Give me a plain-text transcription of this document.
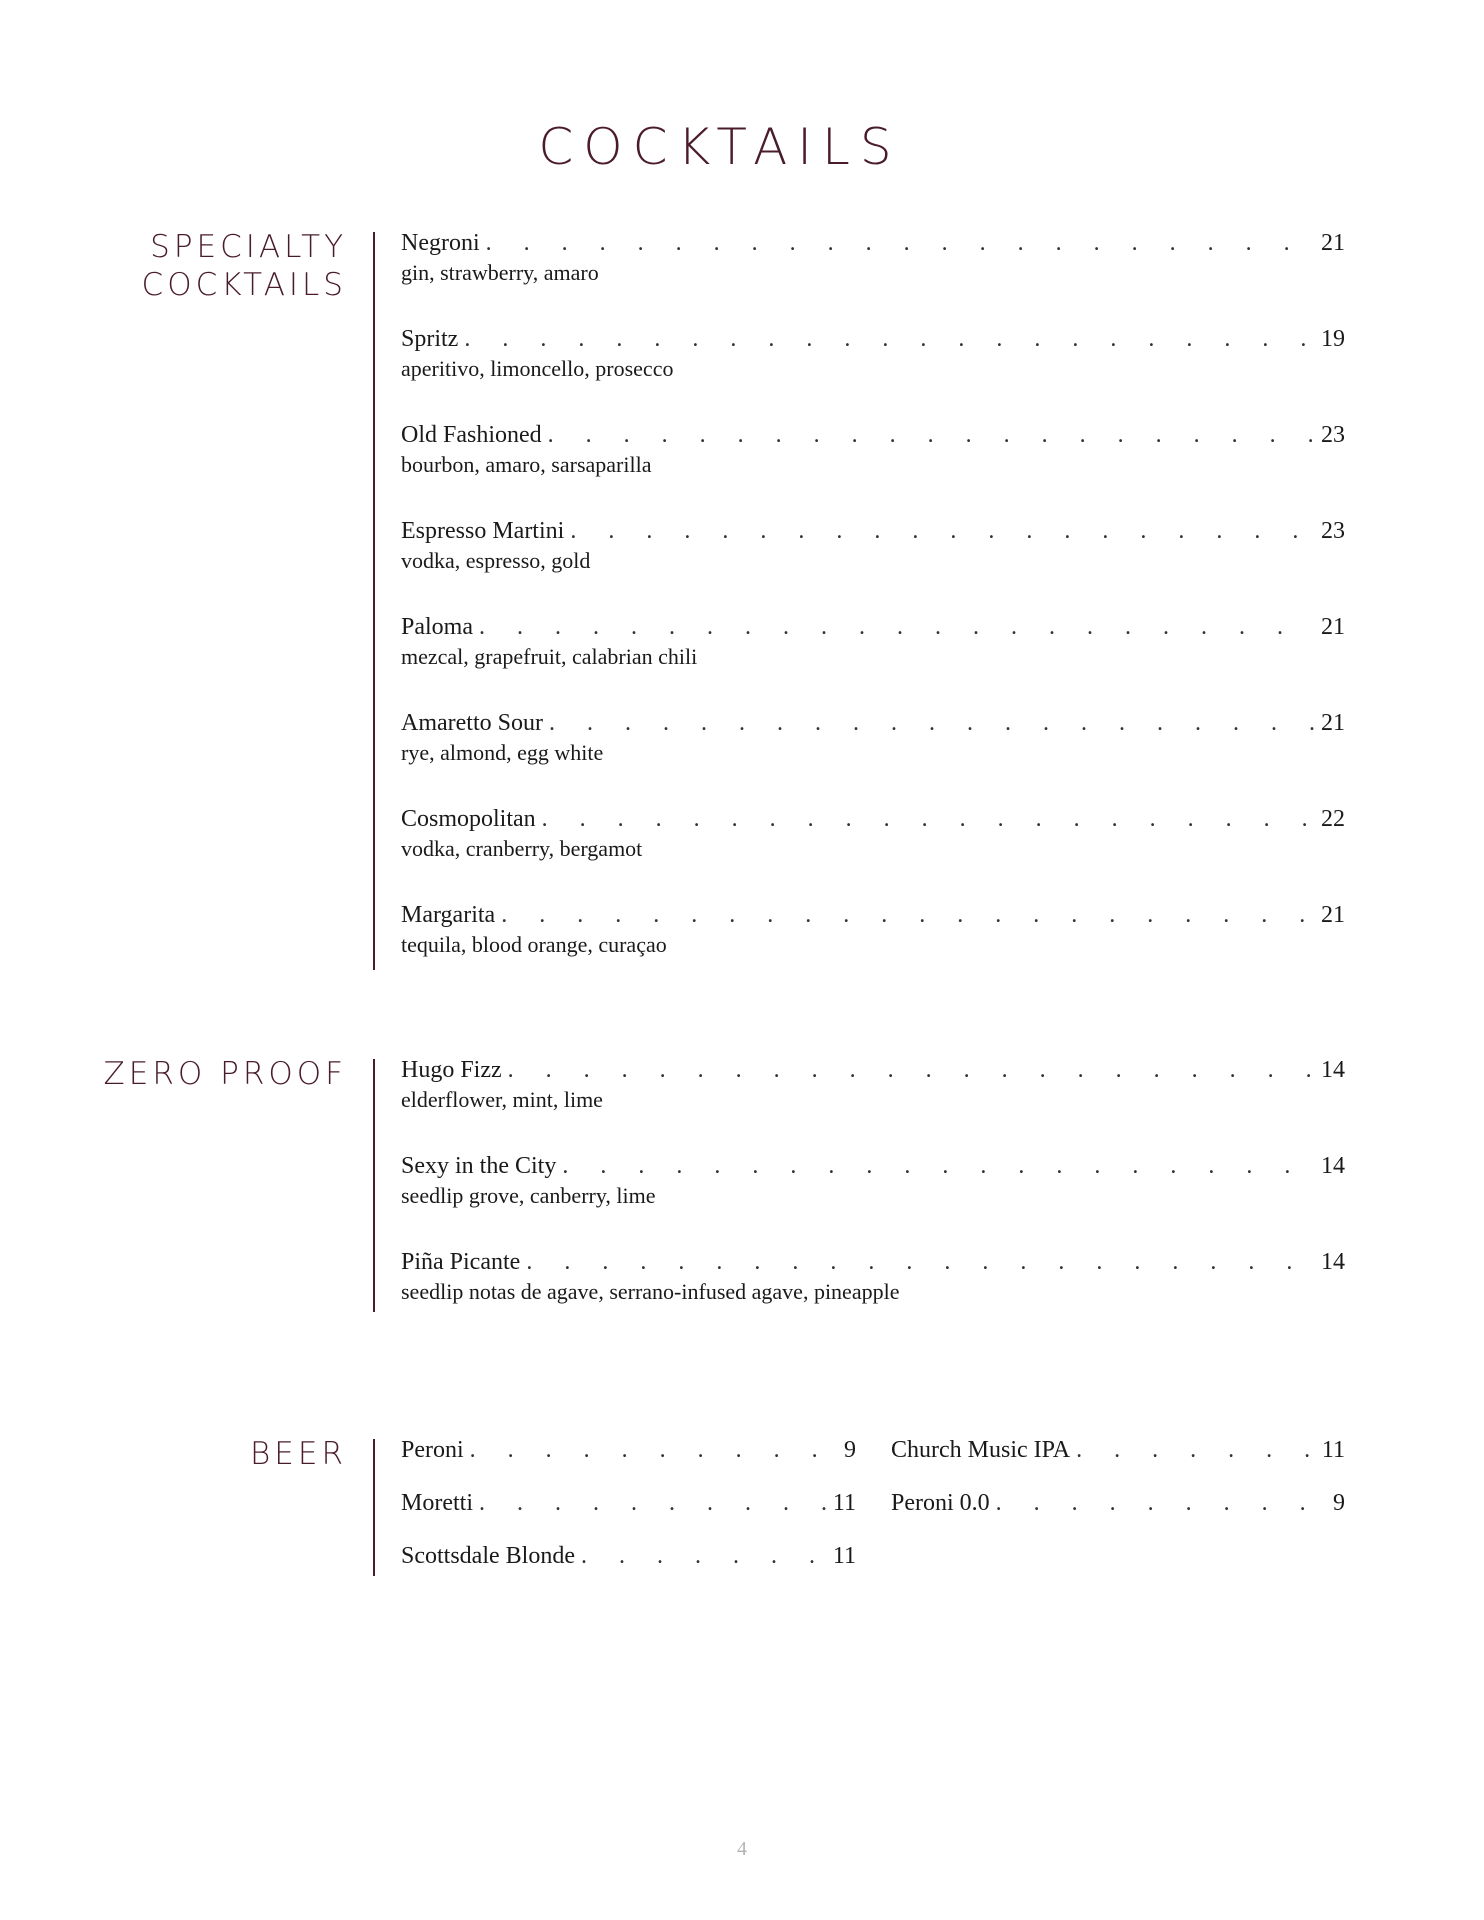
COCKTAILS
SPECIALTY
COCKTAILS
Negroni . . .	21
gin, strawberry, amaro
Spritz . . .	19
aperitivo, limoncello, prosecco
Old Fashioned . . .	23
bourbon, amaro, sarsaparilla
Espresso Martini . . .	23
vodka, espresso, gold
Paloma . . .	21
mezcal, grapefruit, calabrian chili
Amaretto Sour . . .	21
rye, almond, egg white
Cosmopolitan . . .	22
vodka, cranberry, bergamot
Margarita . . .	21
tequila, blood orange, curaçao
ZERO PROOF Hugo Fizz . . .	14
elderflower, mint, lime
Sexy in the City . . .	14
seedlip grove, canberry, lime
Piña Picante . . .	14
seedlip notas de agave, serrano-infused agave, pineapple
BEER Peroni . . .	9
Moretti . . .	11
Scottsdale Blonde . . .	11
Church Music IPA . . .	11
Peroni 0.0 . . .	9
4
